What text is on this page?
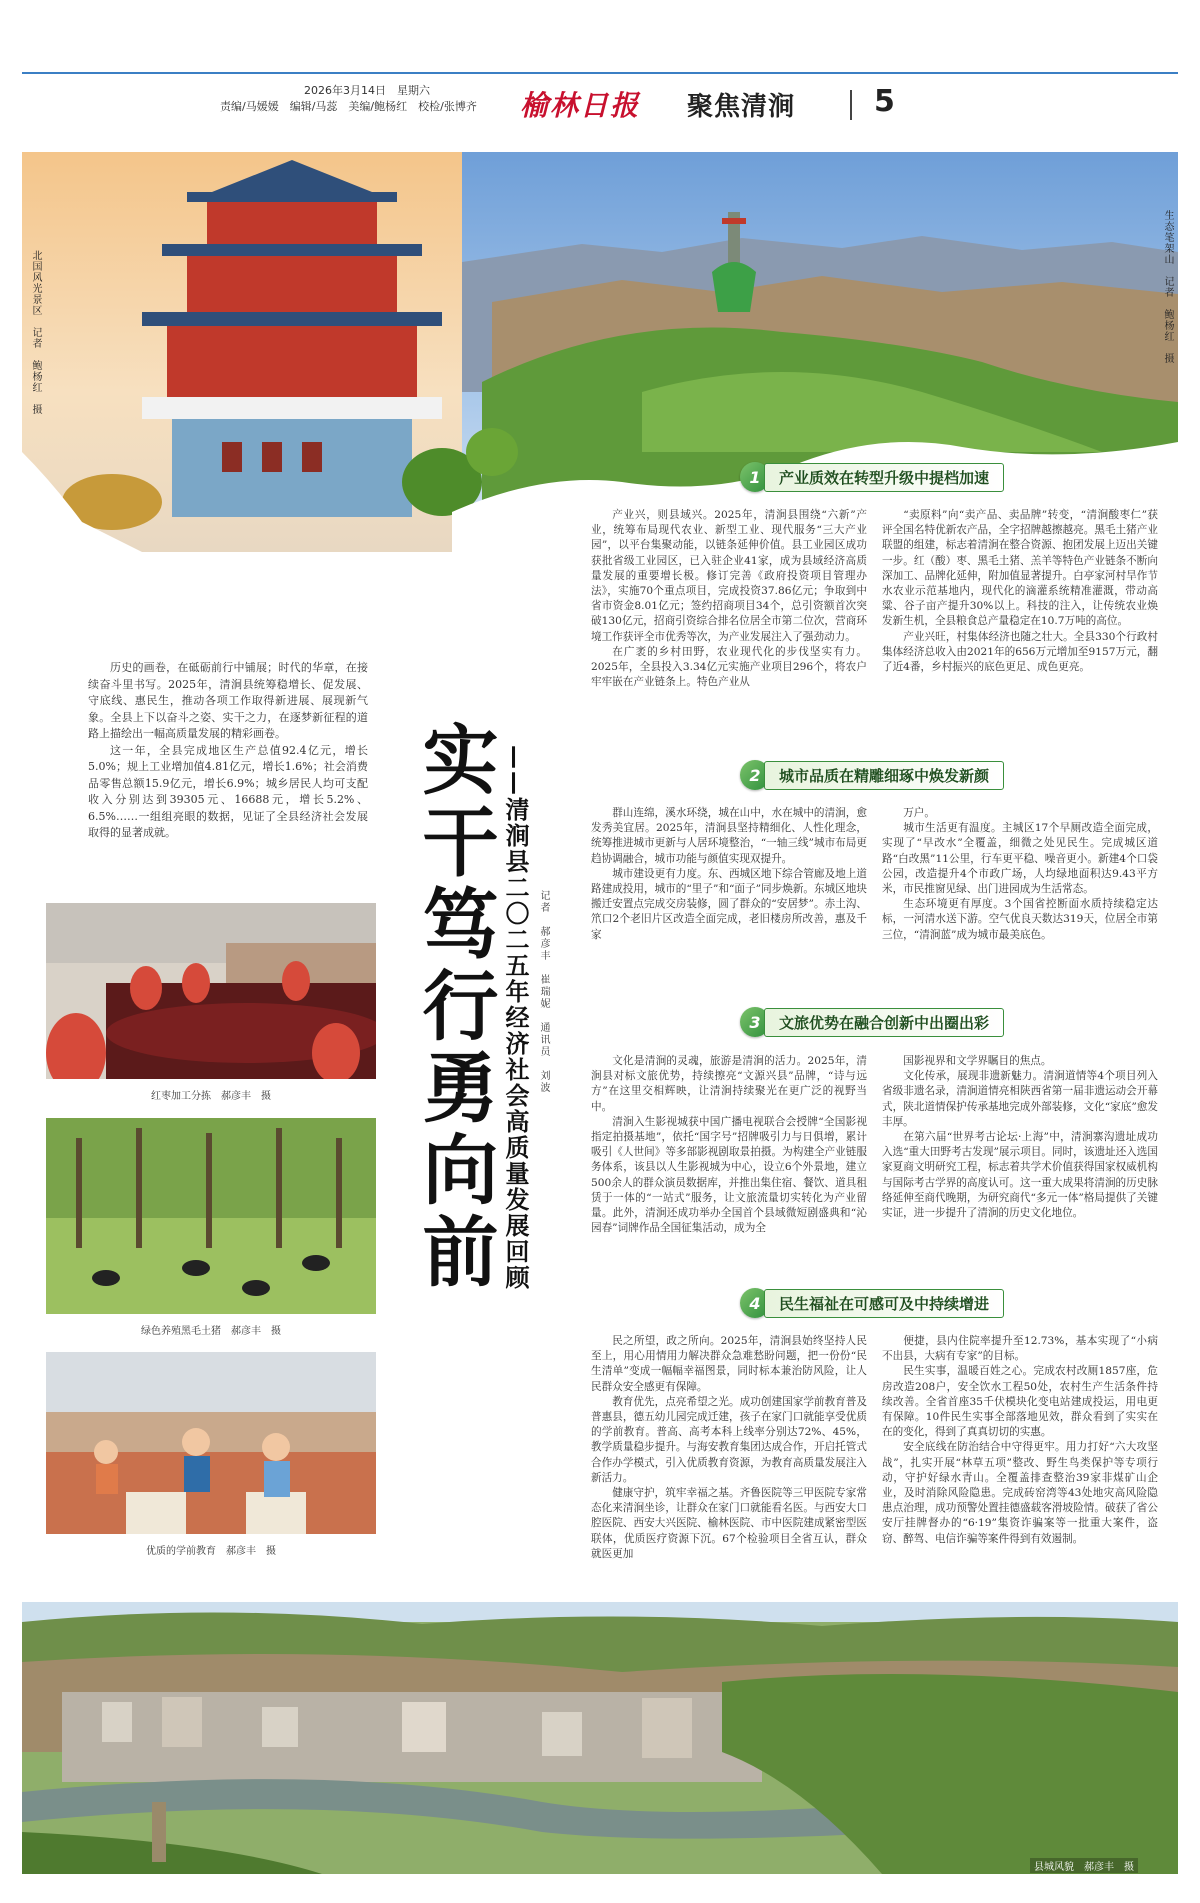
2026年3月14日　 星期六
责编/马媛媛　编辑/马蕊　美编/鲍杨红　校检/张博齐 榆林日报 聚焦清涧	5
北国风光景区　记者　鲍杨红　摄	生态笔架山　记者　鲍杨红　摄

历史的画卷，在砥砺前行中铺展；时代的华章，在接续奋斗里书写。2025年，清涧县统筹稳增长、促发展、守底线、惠民生，推动各项工作取得新进展、展现新气象。全县上下以奋斗之姿、实干之力，在逐梦新征程的道路上描绘出一幅高质量发展的精彩画卷。

这一年，全县完成地区生产总值92.4亿元，增长5.0%；规上工业增加值4.81亿元，增长1.6%；社会消费品零售总额15.9亿元，增长6.9%；城乡居民人均可支配收入分别达到39305元、16688元，增长5.2%、6.5%……一组组亮眼的数据，见证了全县经济社会发展取得的显著成就。	实干笃行勇向前 ——清涧县二〇二五年经济社会高质量发展回顾 记者　郝彦丰　崔瑞妮　通讯员　刘波
红枣加工分拣　郝彦丰　摄
绿色养殖黑毛土猪　郝彦丰　摄
优质的学前教育　郝彦丰　摄
1	产业质效在转型升级中提档加速

产业兴，则县域兴。2025年，清涧县围绕“六新”产业，统筹布局现代农业、新型工业、现代服务“三大产业园”，以平台集聚动能，以链条延伸价值。县工业园区成功获批省级工业园区，已入驻企业41家，成为县域经济高质量发展的重要增长极。修订完善《政府投资项目管理办法》，实施70个重点项目，完成投资37.86亿元；争取到中省市资金8.01亿元；签约招商项目34个，总引资额首次突破130亿元，招商引资综合排名位居全市第二位次，营商环境工作获评全市优秀等次，为产业发展注入了强劲动力。

在广袤的乡村田野，农业现代化的步伐坚实有力。2025年，全县投入3.34亿元实施产业项目296个，将农户牢牢嵌在产业链条上。特色产业从

“卖原料”向“卖产品、卖品牌”转变，“清涧酸枣仁”获评全国名特优新农产品，全字招牌越擦越亮。黑毛土猪产业联盟的组建，标志着清涧在整合资源、抱团发展上迈出关键一步。红（酸）枣、黑毛土猪、羔羊等特色产业链条不断向深加工、品牌化延伸，附加值显著提升。白亭家河村旱作节水农业示范基地内，现代化的滴灌系统精准灌溉，带动高粱、谷子亩产提升30%以上。科技的注入，让传统农业焕发新生机，全县粮食总产量稳定在10.7万吨的高位。

产业兴旺，村集体经济也随之壮大。全县330个行政村集体经济总收入由2021年的656万元增加至9157万元，翻了近4番，乡村振兴的底色更足、成色更亮。

2	城市品质在精雕细琢中焕发新颜

群山连绵，溪水环绕，城在山中，水在城中的清涧，愈发秀美宜居。2025年，清涧县坚持精细化、人性化理念，统筹推进城市更新与人居环境整治，“一轴三线”城市布局更趋协调融合，城市功能与颜值实现双提升。

城市建设更有力度。东、西城区地下综合管廊及地上道路建成投用，城市的“里子”和“面子”同步焕新。东城区地块搬迁安置点完成交房装修，圆了群众的“安居梦”。赤土沟、笊口2个老旧片区改造全面完成，老旧楼房所改善，惠及千家

万户。

城市生活更有温度。主城区17个早厕改造全面完成，实现了“早改水”全覆盖，细微之处见民生。完成城区道路“白改黑”11公里，行车更平稳、噪音更小。新建4个口袋公园，改造提升4个市政广场，人均绿地面积达9.43平方米，市民推窗见绿、出门进园成为生活常态。

生态环境更有厚度。3个国省控断面水质持续稳定达标，一河清水送下游。空气优良天数达319天，位居全市第三位，“清涧蓝”成为城市最美底色。

3	文旅优势在融合创新中出圈出彩

文化是清涧的灵魂，旅游是清涧的活力。2025年，清涧县对标文旅优势，持续擦亮“文源兴县”品牌，“诗与远方”在这里交相辉映，让清涧持续聚光在更广泛的视野当中。

清涧入生影视城获中国广播电视联合会授牌“全国影视指定拍摄基地”，依托“国字号”招牌吸引力与日俱增，累计吸引《人世间》等多部影视剧取景拍摄。为构建全产业链服务体系，该县以人生影视城为中心，设立6个外景地，建立500余人的群众演员数据库，并推出集住宿、餐饮、道具租赁于一体的“一站式”服务，让文旅流量切实转化为产业留量。此外，清涧还成功举办全国首个县域微短剧盛典和“沁园春”词牌作品全国征集活动，成为全

国影视界和文学界瞩目的焦点。

文化传承，展现非遗新魅力。清涧道情等4个项目列入省级非遗名录，清涧道情亮相陕西省第一届非遗运动会开幕式，陕北道情保护传承基地完成外部装修，文化“家底”愈发丰厚。

在第六届“世界考古论坛·上海”中，清涧寨沟遗址成功入选“重大田野考古发现”展示项目。同时，该遗址还入选国家夏商文明研究工程，标志着共学术价值获得国家权威机构与国际考古学界的高度认可。这一重大成果将清涧的历史脉络延伸至商代晚期，为研究商代“多元一体”格局提供了关键实证，进一步提升了清涧的历史文化地位。

4	民生福祉在可感可及中持续增进

民之所望，政之所向。2025年，清涧县始终坚持人民至上，用心用情用力解决群众急难愁盼问题，把一份份“民生清单”变成一幅幅幸福图景，同时标本兼治防风险，让人民群众安全感更有保障。

教育优先，点亮希望之光。成功创建国家学前教育普及普惠县，德五幼儿园完成迁建，孩子在家门口就能享受优质的学前教育。普高、高考本科上线率分别达72%、45%，教学质量稳步提升。与海安教育集团达成合作，开启托管式合作办学模式，引入优质教育资源，为教育高质量发展注入新活力。

健康守护，筑牢幸福之基。齐鲁医院等三甲医院专家常态化来清涧坐诊，让群众在家门口就能看名医。与西安大口腔医院、西安大兴医院、榆林医院、市中医院建成紧密型医联体，优质医疗资源下沉。67个检验项目全省互认，群众就医更加

便捷，县内住院率提升至12.73%，基本实现了“小病不出县，大病有专家”的目标。

民生实事，温暖百姓之心。完成农村改厕1857座，危房改造208户，安全饮水工程50处，农村生产生活条件持续改善。全省首座35千伏模块化变电站建成投运，用电更有保障。10件民生实事全部落地见效，群众看到了实实在在的变化，得到了真真切切的实惠。

安全底线在防治结合中守得更牢。用力打好“六大攻坚战”，扎实开展“林草五项”整改、野生鸟类保护等专项行动，守护好绿水青山。全覆盖排查整治39家非煤矿山企业，及时消除风险隐患。完成砖窑湾等43处地灾高风险隐患点治理，成功预警处置挂德盛载客滑坡险情。破获了省公安厅挂牌督办的“6·19”集资诈骗案等一批重大案件，盗窃、醉驾、电信诈骗等案件得到有效遏制。

县城风貌　郝彦丰　摄
